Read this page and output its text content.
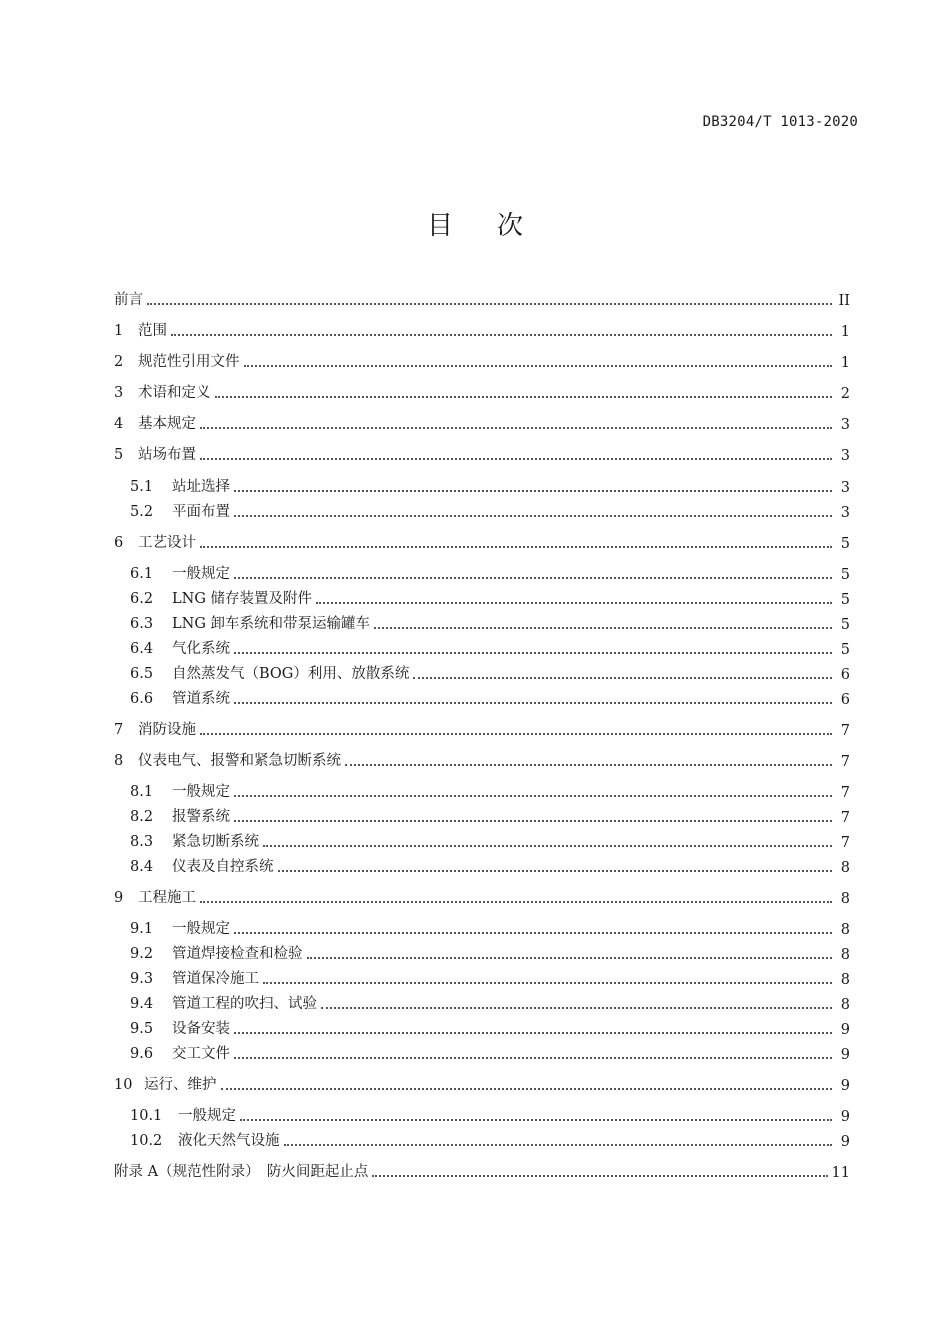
DB3204/T 1013-2020
目 次
前言	II
1 范围	1
2 规范性引用文件	1
3 术语和定义	2
4 基本规定	3
5 站场布置	3
5.1 站址选择	3
5.2 平面布置	3
6 工艺设计	5
6.1 一般规定	5
6.2 LNG 储存装置及附件	5
6.3 LNG 卸车系统和带泵运输罐车	5
6.4 气化系统	5
6.5 自然蒸发气（BOG）利用、放散系统	6
6.6 管道系统	6
7 消防设施	7
8 仪表电气、报警和紧急切断系统	7
8.1 一般规定	7
8.2 报警系统	7
8.3 紧急切断系统	7
8.4 仪表及自控系统	8
9 工程施工	8
9.1 一般规定	8
9.2 管道焊接检查和检验	8
9.3 管道保冷施工	8
9.4 管道工程的吹扫、试验	8
9.5 设备安装	9
9.6 交工文件	9
10 运行、维护	9
10.1 一般规定	9
10.2 液化天然气设施	9
附录 A（规范性附录）　防火间距起止点	11
